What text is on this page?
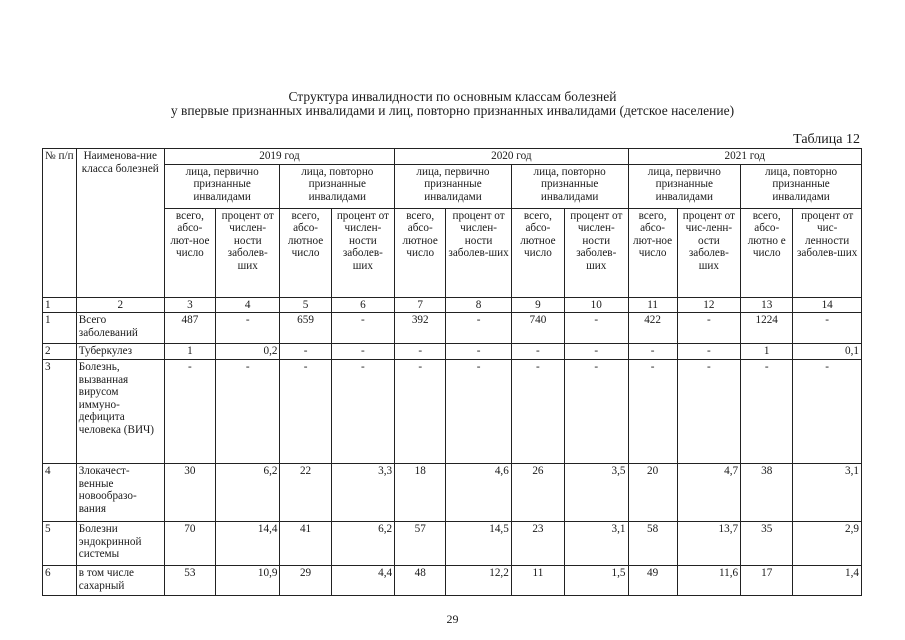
Структура инвалидности по основным классам болезней
у впервые признанных инвалидами и лиц, повторно признанных инвалидами (детское население)
Таблица 12
№ п/п	Наименова-ние класса болезней	2019 год				2020 год				2021 год			
		лица, первично признанные инвалидами		лица, повторно признанные инвалидами		лица, первично признанные инвалидами		лица, повторно признанные инвалидами		лица, первично признанные инвалидами		лица, повторно признанные инвалидами	
		всего, абсо-лют-ное число	процент от числен-ности заболев-ших	всего, абсо-лютное число	процент от числен-ности заболев-ших	всего, абсо-лютное число	процент от числен-ности заболев-ших	всего, абсо-лютное число	процент от числен-ности заболев-ших	всего, абсо-лют-ное число	процент от чис-ленн-ости заболев-ших	всего, абсо-лютно е число	процент от чис-ленности заболев-ших
1	2	3	4	5	6	7	8	9	10	11	12	13	14
1	Всего заболеваний	487	-	659	-	392	-	740	-	422	-	1224	-
2	Туберкулез	1	0,2	-	-	-	-	-	-	-	-	1	0,1
3	Болезнь, вызванная вирусом иммуно-дефицита человека (ВИЧ)	-	-	-	-	-	-	-	-	-	-	-	-
4	Злокачест-венные новообразо-вания	30	6,2	22	3,3	18	4,6	26	3,5	20	4,7	38	3,1
5	Болезни эндокринной системы	70	14,4	41	6,2	57	14,5	23	3,1	58	13,7	35	2,9
6	в том числе сахарный	53	10,9	29	4,4	48	12,2	11	1,5	49	11,6	17	1,4
29
